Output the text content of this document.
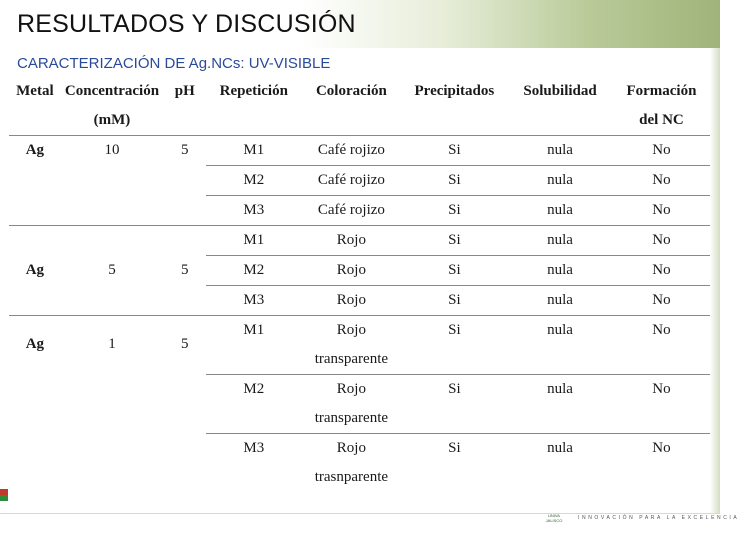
RESULTADOS Y DISCUSIÓN
CARACTERIZACIÓN DE Ag.NCs: UV-VISIBLE
Metal	Concentración	pH	Repetición	Coloración	Precipitados	Solubilidad	Formación
	(mM)						del NC
Ag	10	5	M1	Café rojizo	Si	nula	No
			M2	Café rojizo	Si	nula	No
			M3	Café rojizo	Si	nula	No
Ag	5	5	M1	Rojo	Si	nula	No
			M2	Rojo	Si	nula	No
			M3	Rojo	Si	nula	No
Ag	1	5	M1	Rojo	Si	nula	No
				transparente			
			M2	Rojo	Si	nula	No
				transparente			
			M3	Rojo	Si	nula	No
				trasnparente			
UNIVA
JALISCO	INNOVACIÓN PARA LA EXCELENCIA
